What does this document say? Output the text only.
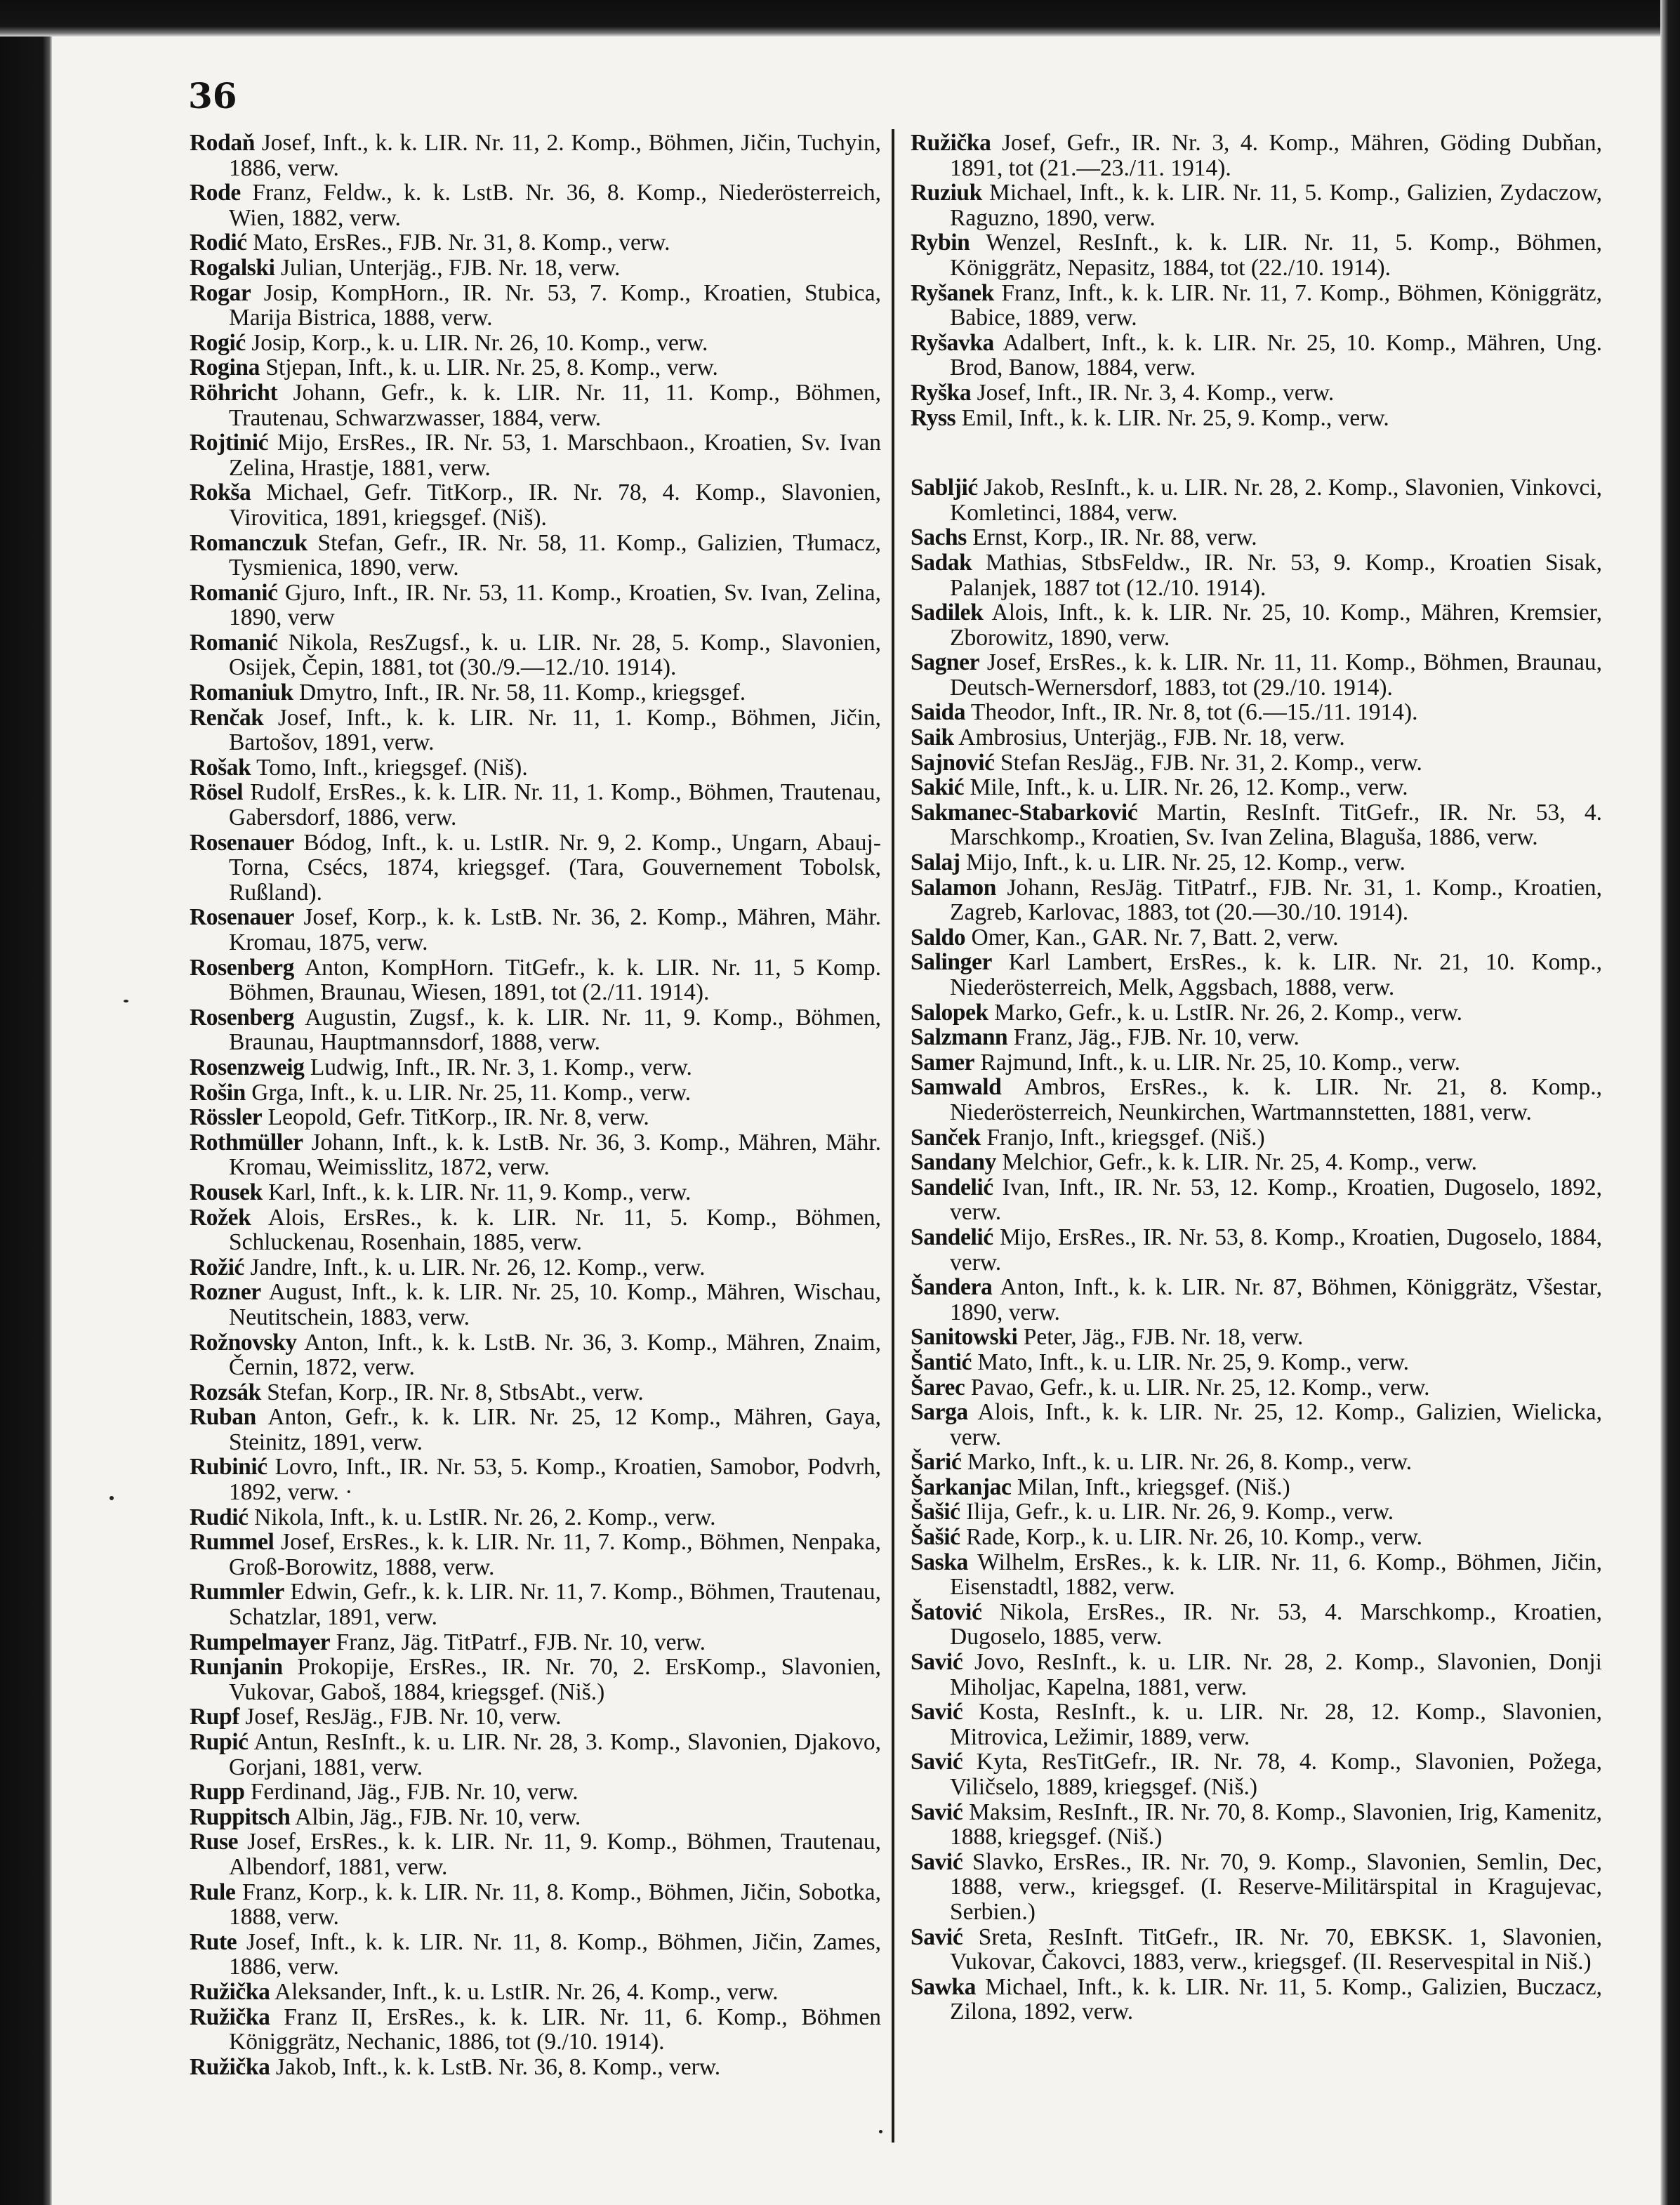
36
Rodaň Josef, Inft., k. k. LIR. Nr. 11, 2. Komp., Böhmen, Jičin, Tuchyin, 1886, verw.
Rode Franz, Feldw., k. k. LstB. Nr. 36, 8. Komp., Niederösterreich, Wien, 1882, verw.
Rodić Mato, ErsRes., FJB. Nr. 31, 8. Komp., verw.
Rogalski Julian, Unterjäg., FJB. Nr. 18, verw.
Rogar Josip, KompHorn., IR. Nr. 53, 7. Komp., Kroatien, Stubica, Marija Bistrica, 1888, verw.
Rogić Josip, Korp., k. u. LIR. Nr. 26, 10. Komp., verw.
Rogina Stjepan, Inft., k. u. LIR. Nr. 25, 8. Komp., verw.
Röhricht Johann, Gefr., k. k. LIR. Nr. 11, 11. Komp., Böhmen, Trautenau, Schwarzwasser, 1884, verw.
Rojtinić Mijo, ErsRes., IR. Nr. 53, 1. Marschbaon., Kroatien, Sv. Ivan Zelina, Hrastje, 1881, verw.
Rokša Michael, Gefr. TitKorp., IR. Nr. 78, 4. Komp., Slavonien, Virovitica, 1891, kriegsgef. (Niš).
Romanczuk Stefan, Gefr., IR. Nr. 58, 11. Komp., Galizien, Tłumacz, Tysmienica, 1890, verw.
Romanić Gjuro, Inft., IR. Nr. 53, 11. Komp., Kroatien, Sv. Ivan, Zelina, 1890, verw
Romanić Nikola, ResZugsf., k. u. LIR. Nr. 28, 5. Komp., Slavonien, Osijek, Čepin, 1881, tot (30./9.—12./10. 1914).
Romaniuk Dmytro, Inft., IR. Nr. 58, 11. Komp., kriegsgef.
Renčak Josef, Inft., k. k. LIR. Nr. 11, 1. Komp., Böhmen, Jičin, Bartošov, 1891, verw.
Rošak Tomo, Inft., kriegsgef. (Niš).
Rösel Rudolf, ErsRes., k. k. LIR. Nr. 11, 1. Komp., Böhmen, Trautenau, Gabersdorf, 1886, verw.
Rosenauer Bódog, Inft., k. u. LstIR. Nr. 9, 2. Komp., Ungarn, Abauj-Torna, Csécs, 1874, kriegsgef. (Tara, Gouvernement Tobolsk, Rußland).
Rosenauer Josef, Korp., k. k. LstB. Nr. 36, 2. Komp., Mähren, Mähr. Kromau, 1875, verw.
Rosenberg Anton, KompHorn. TitGefr., k. k. LIR. Nr. 11, 5 Komp. Böhmen, Braunau, Wiesen, 1891, tot (2./11. 1914).
Rosenberg Augustin, Zugsf., k. k. LIR. Nr. 11, 9. Komp., Böhmen, Braunau, Hauptmannsdorf, 1888, verw.
Rosenzweig Ludwig, Inft., IR. Nr. 3, 1. Komp., verw.
Rošin Grga, Inft., k. u. LIR. Nr. 25, 11. Komp., verw.
Rössler Leopold, Gefr. TitKorp., IR. Nr. 8, verw.
Rothmüller Johann, Inft., k. k. LstB. Nr. 36, 3. Komp., Mähren, Mähr. Kromau, Weimisslitz, 1872, verw.
Rousek Karl, Inft., k. k. LIR. Nr. 11, 9. Komp., verw.
Rožek Alois, ErsRes., k. k. LIR. Nr. 11, 5. Komp., Böhmen, Schluckenau, Rosenhain, 1885, verw.
Rožić Jandre, Inft., k. u. LIR. Nr. 26, 12. Komp., verw.
Rozner August, Inft., k. k. LIR. Nr. 25, 10. Komp., Mähren, Wischau, Neutitschein, 1883, verw.
Rožnovsky Anton, Inft., k. k. LstB. Nr. 36, 3. Komp., Mähren, Znaim, Černin, 1872, verw.
Rozsák Stefan, Korp., IR. Nr. 8, StbsAbt., verw.
Ruban Anton, Gefr., k. k. LIR. Nr. 25, 12 Komp., Mähren, Gaya, Steinitz, 1891, verw.
Rubinić Lovro, Inft., IR. Nr. 53, 5. Komp., Kroatien, Samobor, Podvrh, 1892, verw. ·
Rudić Nikola, Inft., k. u. LstIR. Nr. 26, 2. Komp., verw.
Rummel Josef, ErsRes., k. k. LIR. Nr. 11, 7. Komp., Böhmen, Nenpaka, Groß-Borowitz, 1888, verw.
Rummler Edwin, Gefr., k. k. LIR. Nr. 11, 7. Komp., Böhmen, Trautenau, Schatzlar, 1891, verw.
Rumpelmayer Franz, Jäg. TitPatrf., FJB. Nr. 10, verw.
Runjanin Prokopije, ErsRes., IR. Nr. 70, 2. ErsKomp., Slavonien, Vukovar, Gaboš, 1884, kriegsgef. (Niš.)
Rupf Josef, ResJäg., FJB. Nr. 10, verw.
Rupić Antun, ResInft., k. u. LIR. Nr. 28, 3. Komp., Slavonien, Djakovo, Gorjani, 1881, verw.
Rupp Ferdinand, Jäg., FJB. Nr. 10, verw.
Ruppitsch Albin, Jäg., FJB. Nr. 10, verw.
Ruse Josef, ErsRes., k. k. LIR. Nr. 11, 9. Komp., Böhmen, Trautenau, Albendorf, 1881, verw.
Rule Franz, Korp., k. k. LIR. Nr. 11, 8. Komp., Böhmen, Jičin, Sobotka, 1888, verw.
Rute Josef, Inft., k. k. LIR. Nr. 11, 8. Komp., Böhmen, Jičin, Zames, 1886, verw.
Ružička Aleksander, Inft., k. u. LstIR. Nr. 26, 4. Komp., verw.
Ružička Franz II, ErsRes., k. k. LIR. Nr. 11, 6. Komp., Böhmen Königgrätz, Nechanic, 1886, tot (9./10. 1914).
Ružička Jakob, Inft., k. k. LstB. Nr. 36, 8. Komp., verw.
Ružička Josef, Gefr., IR. Nr. 3, 4. Komp., Mähren, Göding Dubňan, 1891, tot (21.—23./11. 1914).
Ruziuk Michael, Inft., k. k. LIR. Nr. 11, 5. Komp., Galizien, Zydaczow, Raguzno, 1890, verw.
Rybin Wenzel, ResInft., k. k. LIR. Nr. 11, 5. Komp., Böhmen, Königgrätz, Nepasitz, 1884, tot (22./10. 1914).
Ryšanek Franz, Inft., k. k. LIR. Nr. 11, 7. Komp., Böhmen, Königgrätz, Babice, 1889, verw.
Ryšavka Adalbert, Inft., k. k. LIR. Nr. 25, 10. Komp., Mähren, Ung. Brod, Banow, 1884, verw.
Ryška Josef, Inft., IR. Nr. 3, 4. Komp., verw.
Ryss Emil, Inft., k. k. LIR. Nr. 25, 9. Komp., verw.
Sabljić Jakob, ResInft., k. u. LIR. Nr. 28, 2. Komp., Slavonien, Vinkovci, Komletinci, 1884, verw.
Sachs Ernst, Korp., IR. Nr. 88, verw.
Sadak Mathias, StbsFeldw., IR. Nr. 53, 9. Komp., Kroatien Sisak, Palanjek, 1887 tot (12./10. 1914).
Sadilek Alois, Inft., k. k. LIR. Nr. 25, 10. Komp., Mähren, Kremsier, Zborowitz, 1890, verw.
Sagner Josef, ErsRes., k. k. LIR. Nr. 11, 11. Komp., Böhmen, Braunau, Deutsch-Wernersdorf, 1883, tot (29./10. 1914).
Saida Theodor, Inft., IR. Nr. 8, tot (6.—15./11. 1914).
Saik Ambrosius, Unterjäg., FJB. Nr. 18, verw.
Sajnović Stefan ResJäg., FJB. Nr. 31, 2. Komp., verw.
Sakić Mile, Inft., k. u. LIR. Nr. 26, 12. Komp., verw.
Sakmanec-Stabarković Martin, ResInft. TitGefr., IR. Nr. 53, 4. Marschkomp., Kroatien, Sv. Ivan Zelina, Blaguša, 1886, verw.
Salaj Mijo, Inft., k. u. LIR. Nr. 25, 12. Komp., verw.
Salamon Johann, ResJäg. TitPatrf., FJB. Nr. 31, 1. Komp., Kroatien, Zagreb, Karlovac, 1883, tot (20.—30./10. 1914).
Saldo Omer, Kan., GAR. Nr. 7, Batt. 2, verw.
Salinger Karl Lambert, ErsRes., k. k. LIR. Nr. 21, 10. Komp., Niederösterreich, Melk, Aggsbach, 1888, verw.
Salopek Marko, Gefr., k. u. LstIR. Nr. 26, 2. Komp., verw.
Salzmann Franz, Jäg., FJB. Nr. 10, verw.
Samer Rajmund, Inft., k. u. LIR. Nr. 25, 10. Komp., verw.
Samwald Ambros, ErsRes., k. k. LIR. Nr. 21, 8. Komp., Niederösterreich, Neunkirchen, Wartmannstetten, 1881, verw.
Sanček Franjo, Inft., kriegsgef. (Niš.)
Sandany Melchior, Gefr., k. k. LIR. Nr. 25, 4. Komp., verw.
Sandelić Ivan, Inft., IR. Nr. 53, 12. Komp., Kroatien, Dugoselo, 1892, verw.
Sandelić Mijo, ErsRes., IR. Nr. 53, 8. Komp., Kroatien, Dugoselo, 1884, verw.
Šandera Anton, Inft., k. k. LIR. Nr. 87, Böhmen, Königgrätz, Všestar, 1890, verw.
Sanitowski Peter, Jäg., FJB. Nr. 18, verw.
Šantić Mato, Inft., k. u. LIR. Nr. 25, 9. Komp., verw.
Šarec Pavao, Gefr., k. u. LIR. Nr. 25, 12. Komp., verw.
Sarga Alois, Inft., k. k. LIR. Nr. 25, 12. Komp., Galizien, Wielicka, verw.
Šarić Marko, Inft., k. u. LIR. Nr. 26, 8. Komp., verw.
Šarkanjac Milan, Inft., kriegsgef. (Niš.)
Šašić Ilija, Gefr., k. u. LIR. Nr. 26, 9. Komp., verw.
Šašić Rade, Korp., k. u. LIR. Nr. 26, 10. Komp., verw.
Saska Wilhelm, ErsRes., k. k. LIR. Nr. 11, 6. Komp., Böhmen, Jičin, Eisenstadtl, 1882, verw.
Šatović Nikola, ErsRes., IR. Nr. 53, 4. Marschkomp., Kroatien, Dugoselo, 1885, verw.
Savić Jovo, ResInft., k. u. LIR. Nr. 28, 2. Komp., Slavonien, Donji Miholjac, Kapelna, 1881, verw.
Savić Kosta, ResInft., k. u. LIR. Nr. 28, 12. Komp., Slavonien, Mitrovica, Ležimir, 1889, verw.
Savić Kyta, ResTitGefr., IR. Nr. 78, 4. Komp., Slavonien, Požega, Viličselo, 1889, kriegsgef. (Niš.)
Savić Maksim, ResInft., IR. Nr. 70, 8. Komp., Slavonien, Irig, Kamenitz, 1888, kriegsgef. (Niš.)
Savić Slavko, ErsRes., IR. Nr. 70, 9. Komp., Slavonien, Semlin, Dec, 1888, verw., kriegsgef. (I. Reserve-Militärspital in Kragujevac, Serbien.)
Savić Sreta, ResInft. TitGefr., IR. Nr. 70, EBKSK. 1, Slavonien, Vukovar, Čakovci, 1883, verw., kriegsgef. (II. Reservespital in Niš.)
Sawka Michael, Inft., k. k. LIR. Nr. 11, 5. Komp., Galizien, Buczacz, Zilona, 1892, verw.
